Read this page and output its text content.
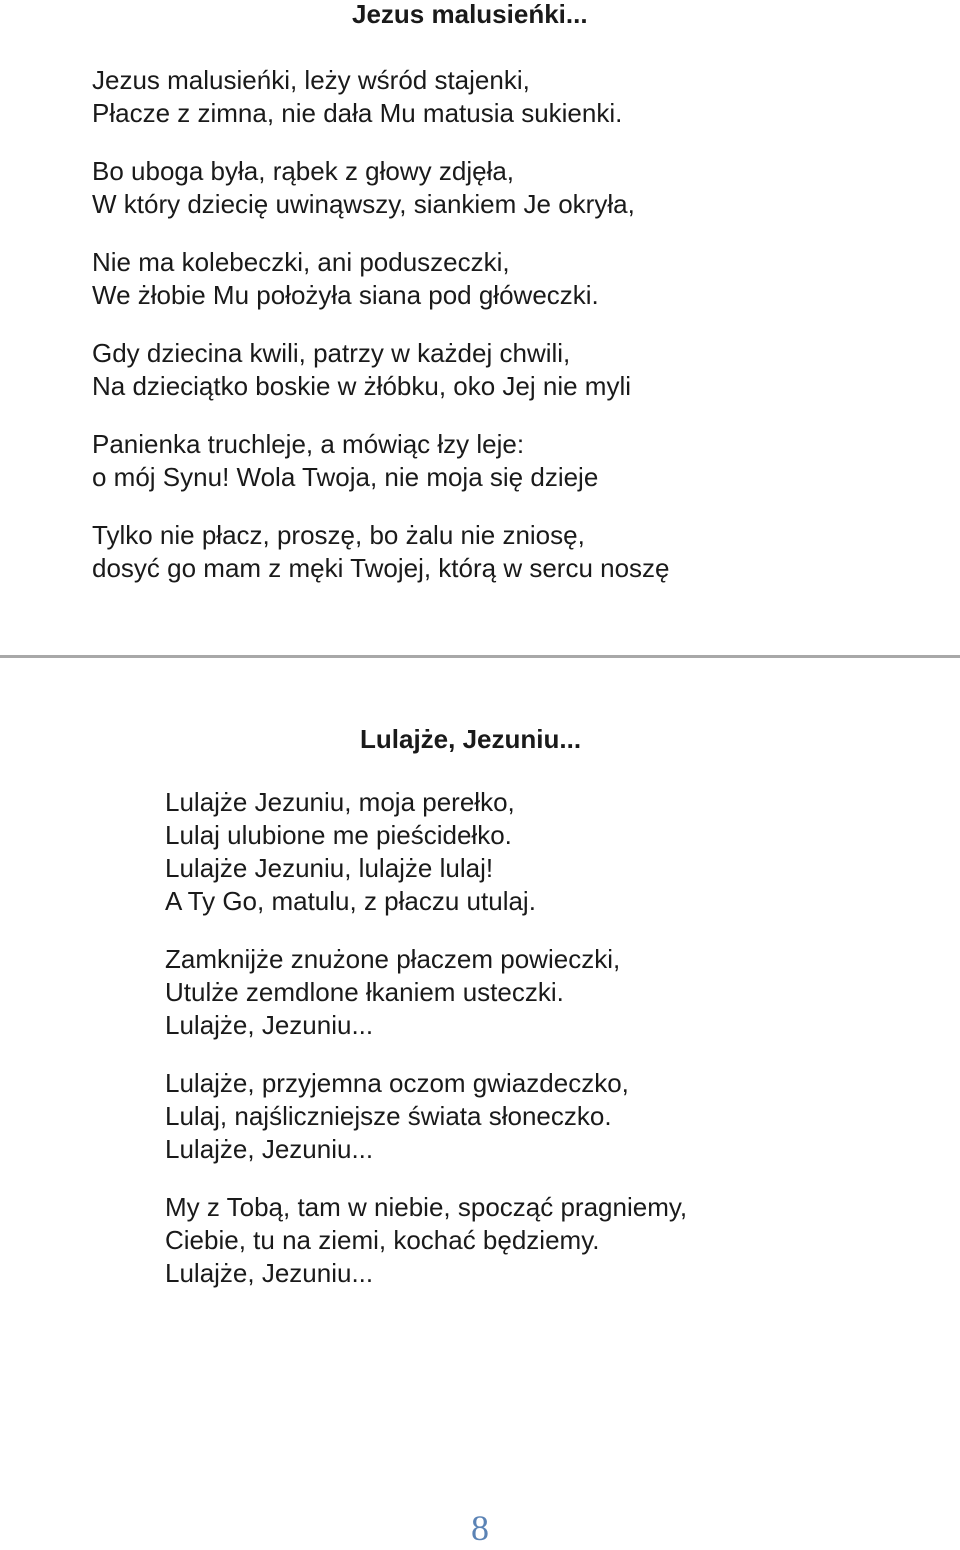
Jezus malusieńki...

Jezus malusieńki, leży wśród stajenki,
Płacze z zimna, nie dała Mu matusia sukienki.

Bo uboga była, rąbek z głowy zdjęła,
W który dziecię uwinąwszy, siankiem Je okryła,

Nie ma kolebeczki, ani poduszeczki,
We żłobie Mu położyła siana pod główeczki.

Gdy dziecina kwili, patrzy w każdej chwili,
Na dzieciątko boskie w żłóbku, oko Jej nie myli

Panienka truchleje, a mówiąc łzy leje:
o mój Synu! Wola Twoja, nie moja się dzieje

Tylko nie płacz, proszę, bo żalu nie zniosę,
dosyć go mam z męki Twojej, którą w sercu noszę

Lulajże, Jezuniu...

Lulajże Jezuniu, moja perełko,
Lulaj ulubione me pieścidełko.
Lulajże Jezuniu, lulajże lulaj!
A Ty Go, matulu, z płaczu utulaj.

Zamknijże znużone płaczem powieczki,
Utulże zemdlone łkaniem usteczki.
Lulajże, Jezuniu...

Lulajże, przyjemna oczom gwiazdeczko,
Lulaj, najśliczniejsze świata słoneczko.
Lulajże, Jezuniu...

My z Tobą, tam w niebie, spocząć pragniemy,
Ciebie, tu na ziemi, kochać będziemy.
Lulajże, Jezuniu...

8
